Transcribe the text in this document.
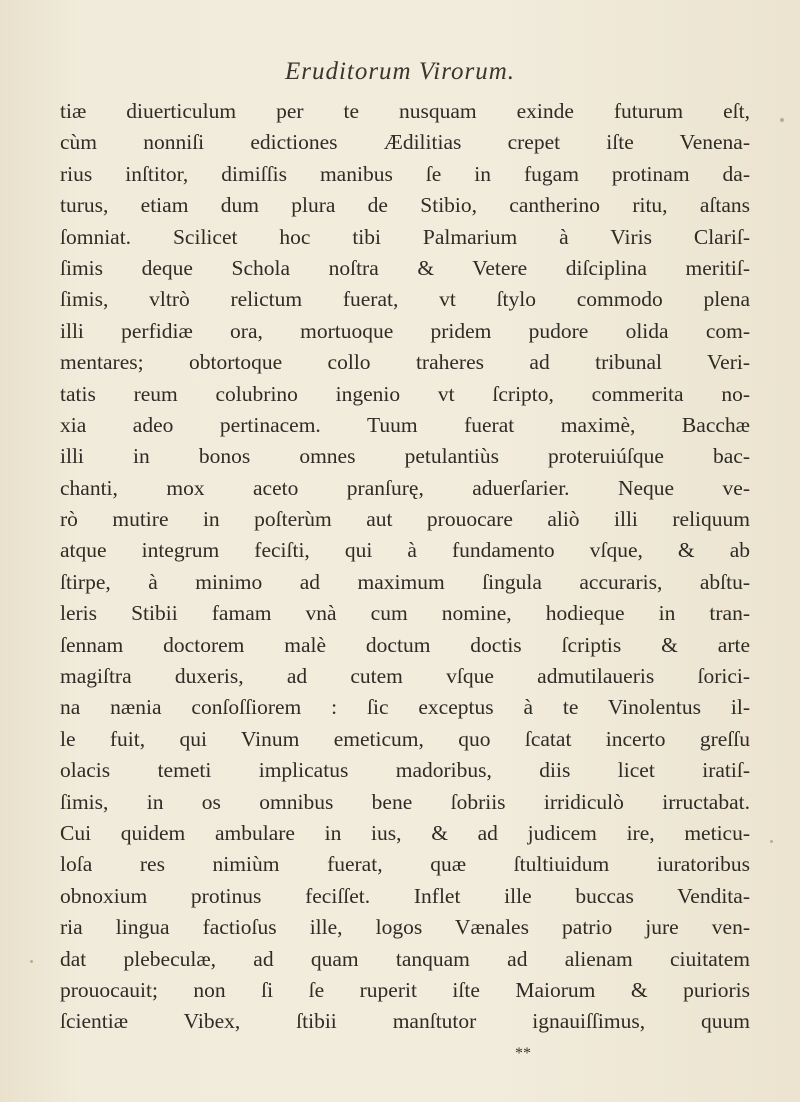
Eruditorum Virorum.
tiæ diuerticulum per te nusquam exinde futurum eſt,
cùm nonniſi edictiones Ædilitias crepet iſte Venena-
rius inſtitor, dimiſſis manibus ſe in fugam protinam da-
turus, etiam dum plura de Stibio, cantherino ritu, aſtans
ſomniat. Scilicet hoc tibi Palmarium à Viris Clariſ-
ſimis deque Schola noſtra & Vetere diſciplina meritiſ-
ſimis, vltrò relictum fuerat, vt ſtylo commodo plena
illi perfidiæ ora, mortuoque pridem pudore olida com-
mentares; obtortoque collo traheres ad tribunal Veri-
tatis reum colubrino ingenio vt ſcripto, commerita no-
xia adeo pertinacem. Tuum fuerat maximè, Bacchæ
illi in bonos omnes petulantiùs proteruiúſque bac-
chanti, mox aceto pranſurę, aduerſarier. Neque ve-
rò mutire in poſterùm aut prouocare aliò illi reliquum
atque integrum feciſti, qui à fundamento vſque, & ab
ſtirpe, à minimo ad maximum ſingula accuraris, abſtu-
leris Stibii famam vnà cum nomine, hodieque in tran-
ſennam doctorem malè doctum doctis ſcriptis & arte
magiſtra duxeris, ad cutem vſque admutilaueris ſorici-
na nænia conſoſſiorem : ſic exceptus à te Vinolentus il-
le fuit, qui Vinum emeticum, quo ſcatat incerto greſſu
olacis temeti implicatus madoribus, diis licet iratiſ-
ſimis, in os omnibus bene ſobriis irridiculò irructabat.
Cui quidem ambulare in ius, & ad judicem ire, meticu-
loſa res nimiùm fuerat, quæ ſtultiuidum iuratoribus
obnoxium protinus feciſſet. Inflet ille buccas Vendita-
ria lingua factioſus ille, logos Vænales patrio jure ven-
dat plebeculæ, ad quam tanquam ad alienam ciuitatem
prouocauit; non ſi ſe ruperit iſte Maiorum & purioris
ſcientiæ Vibex, ſtibii manſtutor ignauiſſimus, quum
**
